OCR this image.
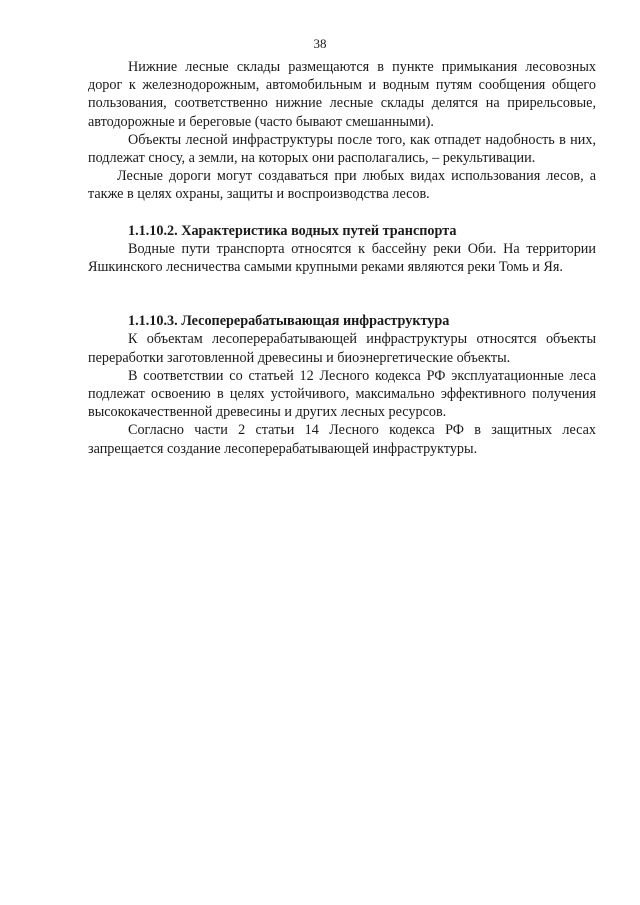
38

Нижние лесные склады размещаются в пункте примыкания лесовозных дорог к железнодорожным, автомобильным и водным путям сообщения общего пользования, соответственно нижние лесные склады делятся на прирельсовые, автодорожные и береговые (часто бывают смешанными).

Объекты лесной инфраструктуры после того, как отпадет надобность в них, подлежат сносу, а земли, на которых они располагались, – рекультивации.

Лесные дороги могут создаваться при любых видах использования лесов, а также в целях охраны, защиты и воспроизводства лесов.

1.1.10.2. Характеристика водных путей транспорта

Водные пути транспорта относятся к бассейну реки Оби. На территории Яшкинского лесничества самыми крупными реками являются реки Томь и Яя.

1.1.10.3. Лесоперерабатывающая инфраструктура

К объектам лесоперерабатывающей инфраструктуры относятся объекты переработки заготовленной древесины и биоэнергетические объекты.

В соответствии со статьей 12 Лесного кодекса РФ эксплуатационные леса подлежат освоению в целях устойчивого, максимально эффективного получения высококачественной древесины и других лесных ресурсов.

Согласно части 2 статьи 14 Лесного кодекса РФ в защитных лесах запрещается создание лесоперерабатывающей инфраструктуры.
